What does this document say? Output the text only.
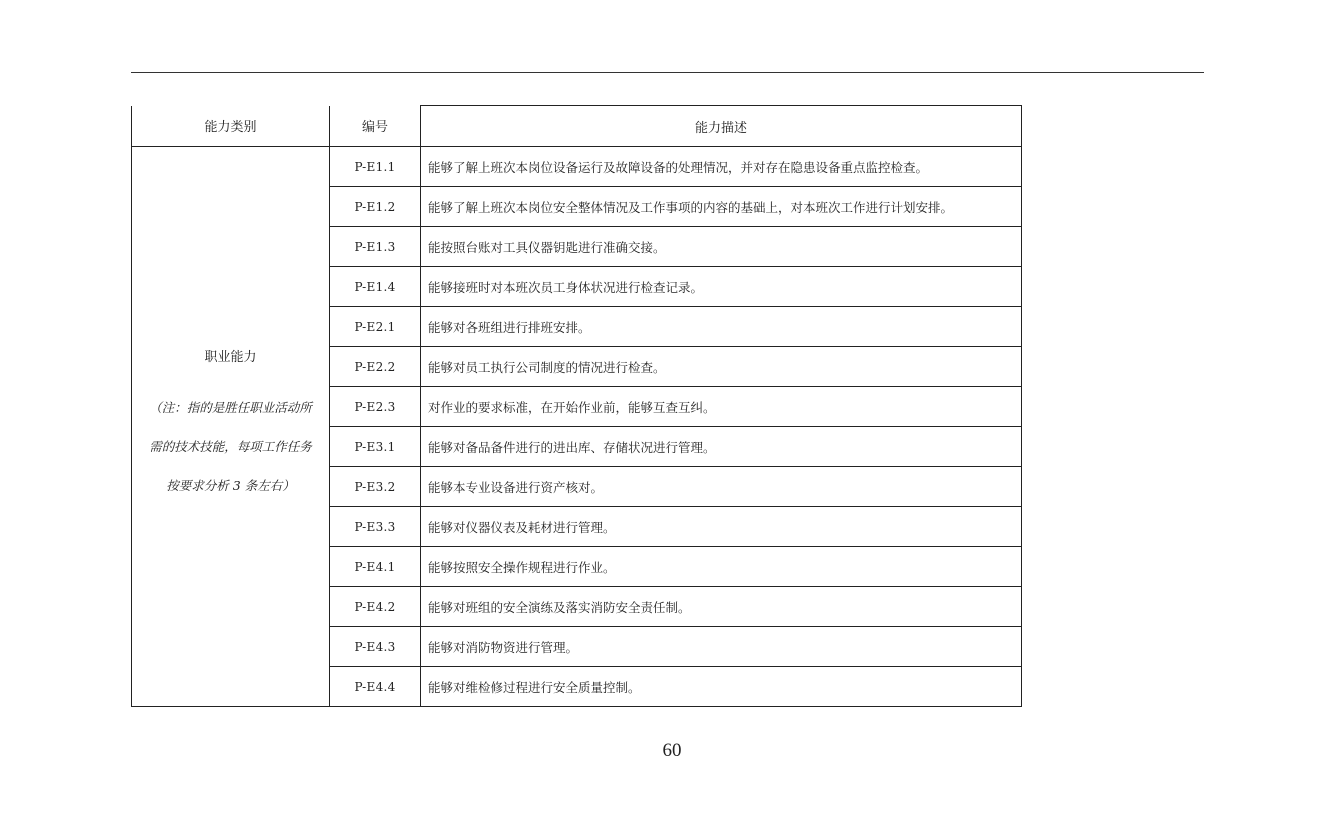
能力类别	编号	能力描述

职业能力
（注：指的是胜任职业活动所
需的技术技能，每项工作任务
按要求分析 3 条左右）	P-E1.1	能够了解上班次本岗位设备运行及故障设备的处理情况，并对存在隐患设备重点监控检查。
	P-E1.2	能够了解上班次本岗位安全整体情况及工作事项的内容的基础上，对本班次工作进行计划安排。
	P-E1.3	能按照台账对工具仪器钥匙进行准确交接。
	P-E1.4	能够接班时对本班次员工身体状况进行检查记录。
	P-E2.1	能够对各班组进行排班安排。
	P-E2.2	能够对员工执行公司制度的情况进行检查。
	P-E2.3	对作业的要求标准，在开始作业前，能够互查互纠。
	P-E3.1	能够对备品备件进行的进出库、存储状况进行管理。
	P-E3.2	能够本专业设备进行资产核对。
	P-E3.3	能够对仪器仪表及耗材进行管理。
	P-E4.1	能够按照安全操作规程进行作业。
	P-E4.2	能够对班组的安全演练及落实消防安全责任制。
	P-E4.3	能够对消防物资进行管理。
	P-E4.4	能够对维检修过程进行安全质量控制。
60
